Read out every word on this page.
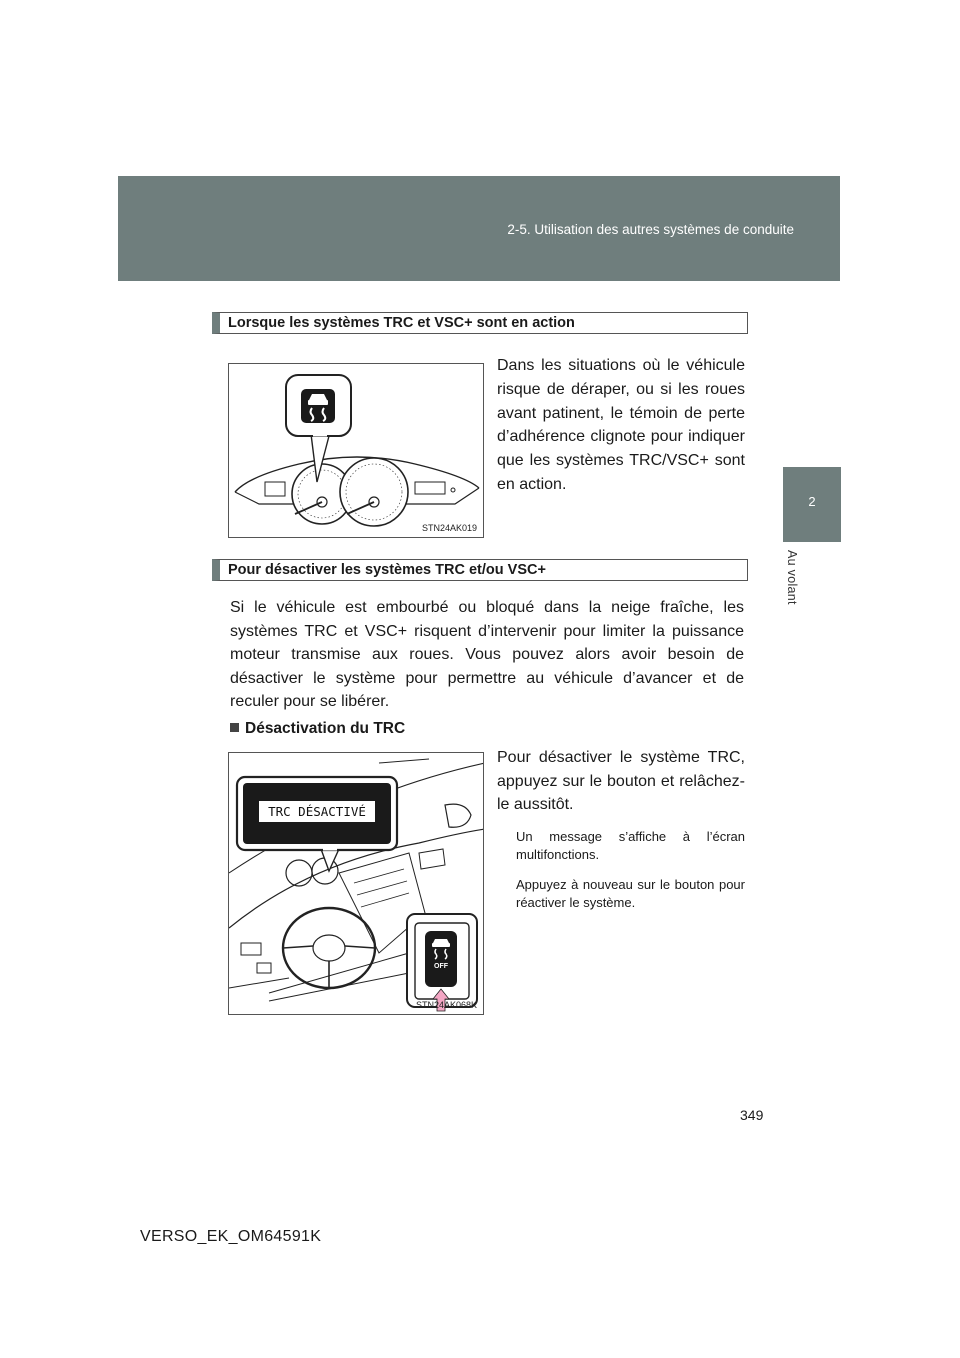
2-5. Utilisation des autres systèmes de conduite
2
Au volant
Lorsque les systèmes TRC et VSC+ sont en action
STN24AK019
Dans les situations où le véhicule risque de déraper, ou si les roues avant patinent, le témoin de perte d’adhérence clignote pour indiquer que les systèmes TRC/VSC+ sont en action.
Pour désactiver les systèmes TRC et/ou VSC+
Si le véhicule est embourbé ou bloqué dans la neige fraîche, les systèmes TRC et VSC+ risquent d’intervenir pour limiter la puissance moteur transmise aux roues. Vous pouvez alors avoir besoin de désactiver le système pour permettre au véhicule d’avancer et de reculer pour se libérer.
Désactivation du TRC
TRC DÉSACTIVÉ
OFF
STN24AK068K
Pour désactiver le système TRC, appuyez sur le bouton et relâchez-le aussitôt.
Un message s’affiche à l’écran multifonctions.
Appuyez à nouveau sur le bouton pour réactiver le système.
349
VERSO_EK_OM64591K
